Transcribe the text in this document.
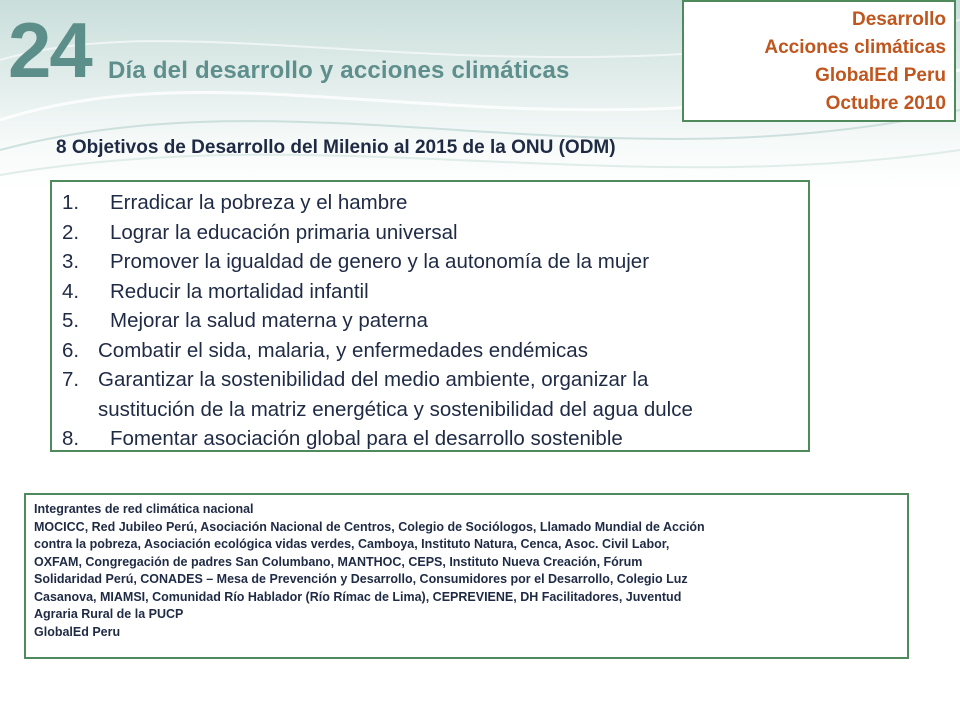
24 Día del desarrollo y acciones climáticas
Desarrollo
Acciones climáticas
GlobalEd Peru
Octubre 2010
8 Objetivos de Desarrollo del Milenio al 2015 de la ONU (ODM)
1.	Erradicar la pobreza y el hambre
2.	Lograr la educación primaria universal
3.	Promover la igualdad de genero y la autonomía de la mujer
4.	Reducir la mortalidad infantil
5.	Mejorar la salud materna y paterna
6. Combatir el sida, malaria, y enfermedades endémicas
7. Garantizar la sostenibilidad del medio ambiente, organizar la
sustitución de la matriz energética y sostenibilidad del agua dulce
8.	Fomentar asociación global para el desarrollo sostenible
Integrantes de red climática nacional
MOCICC, Red Jubileo Perú, Asociación Nacional de Centros, Colegio de Sociólogos, Llamado Mundial de Acción
contra la pobreza, Asociación ecológica vidas verdes, Camboya, Instituto Natura, Cenca, Asoc. Civil Labor,
OXFAM, Congregación de padres San Columbano, MANTHOC, CEPS, Instituto Nueva Creación, Fórum
Solidaridad Perú, CONADES – Mesa de Prevención y Desarrollo, Consumidores por el Desarrollo, Colegio Luz
Casanova, MIAMSI, Comunidad Río Hablador (Río Rímac de Lima), CEPREVIENE, DH Facilitadores, Juventud
Agraria Rural de la PUCP
GlobalEd Peru
